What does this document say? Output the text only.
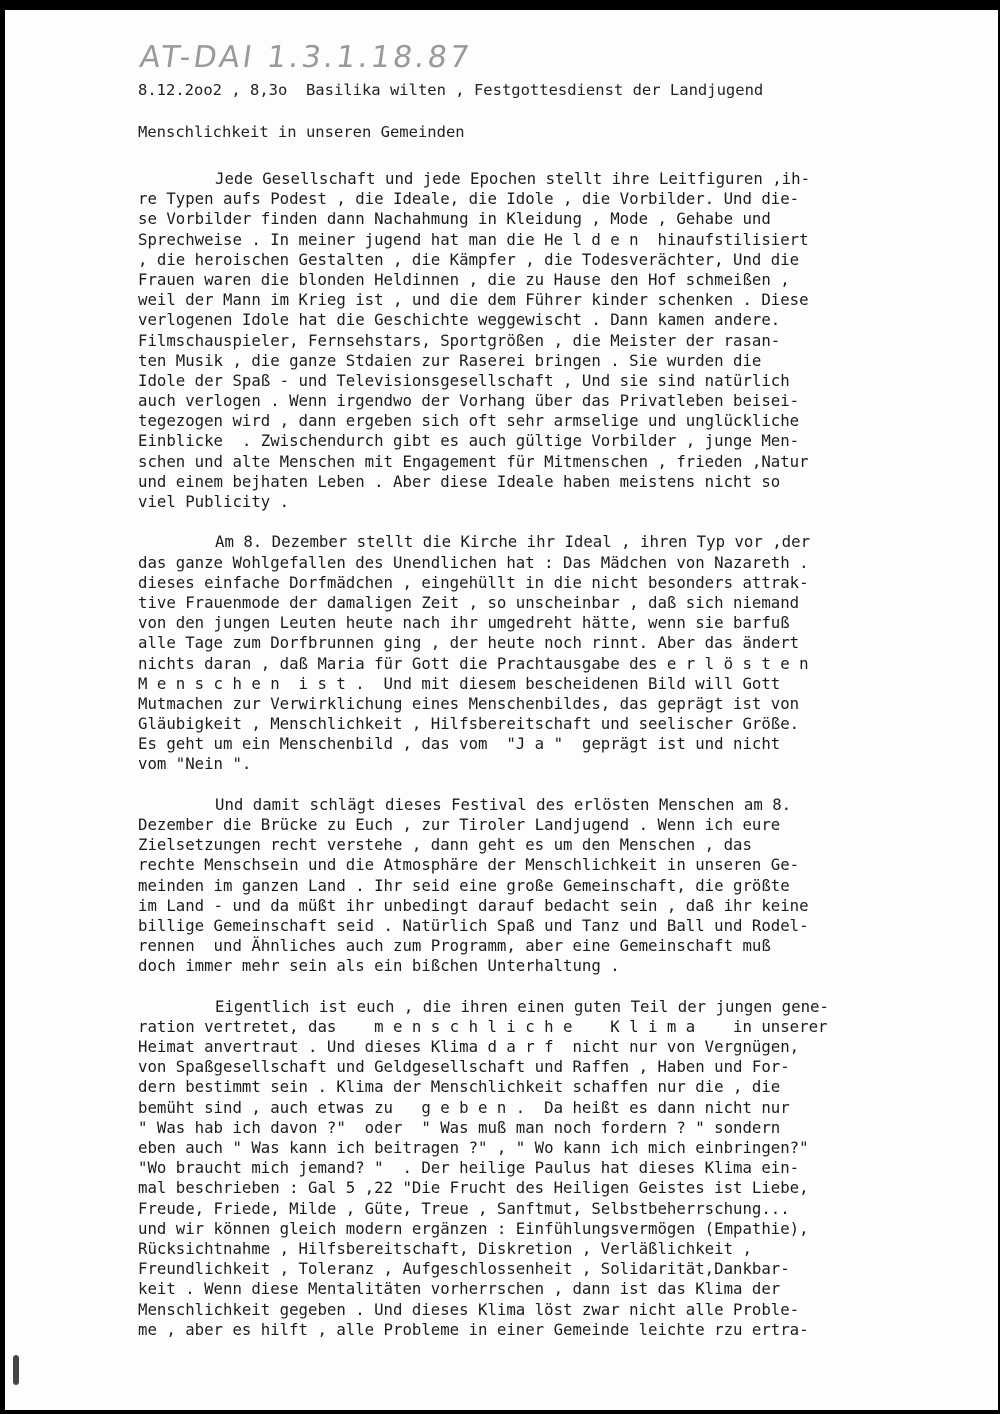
AT-DAI 1.3.1.18.87
8.12.2oo2 , 8,3o  Basilika wilten , Festgottesdienst der Landjugend
Menschlichkeit in unseren Gemeinden
Jede Gesellschaft und jede Epochen stellt ihre Leitfiguren ,ih-
re Typen aufs Podest , die Ideale, die Idole , die Vorbilder. Und die-
se Vorbilder finden dann Nachahmung in Kleidung , Mode , Gehabe und
Sprechweise . In meiner jugend hat man die He l d e n  hinaufstilisiert
, die heroischen Gestalten , die Kämpfer , die Todesverächter, Und die
Frauen waren die blonden Heldinnen , die zu Hause den Hof schmeißen ,
weil der Mann im Krieg ist , und die dem Führer kinder schenken . Diese
verlogenen Idole hat die Geschichte weggewischt . Dann kamen andere.
Filmschauspieler, Fernsehstars, Sportgrößen , die Meister der rasan-
ten Musik , die ganze Stdaien zur Raserei bringen . Sie wurden die
Idole der Spaß - und Televisionsgesellschaft , Und sie sind natürlich
auch verlogen . Wenn irgendwo der Vorhang über das Privatleben beisei-
tegezogen wird , dann ergeben sich oft sehr armselige und unglückliche
Einblicke  . Zwischendurch gibt es auch gültige Vorbilder , junge Men-
schen und alte Menschen mit Engagement für Mitmenschen , frieden ,Natur
und einem bejhaten Leben . Aber diese Ideale haben meistens nicht so
viel Publicity .
Am 8. Dezember stellt die Kirche ihr Ideal , ihren Typ vor ,der
das ganze Wohlgefallen des Unendlichen hat : Das Mädchen von Nazareth .
dieses einfache Dorfmädchen , eingehüllt in die nicht besonders attrak-
tive Frauenmode der damaligen Zeit , so unscheinbar , daß sich niemand
von den jungen Leuten heute nach ihr umgedreht hätte, wenn sie barfuß
alle Tage zum Dorfbrunnen ging , der heute noch rinnt. Aber das ändert
nichts daran , daß Maria für Gott die Prachtausgabe des e r l ö s t e n
M e n s c h e n  i s t .  Und mit diesem bescheidenen Bild will Gott
Mutmachen zur Verwirklichung eines Menschenbildes, das geprägt ist von
Gläubigkeit , Menschlichkeit , Hilfsbereitschaft und seelischer Größe.
Es geht um ein Menschenbild , das vom  "J a "  geprägt ist und nicht
vom "Nein ".
Und damit schlägt dieses Festival des erlösten Menschen am 8.
Dezember die Brücke zu Euch , zur Tiroler Landjugend . Wenn ich eure
Zielsetzungen recht verstehe , dann geht es um den Menschen , das
rechte Menschsein und die Atmosphäre der Menschlichkeit in unseren Ge-
meinden im ganzen Land . Ihr seid eine große Gemeinschaft, die größte
im Land - und da müßt ihr unbedingt darauf bedacht sein , daß ihr keine
billige Gemeinschaft seid . Natürlich Spaß und Tanz und Ball und Rodel-
rennen  und Ähnliches auch zum Programm, aber eine Gemeinschaft muß
doch immer mehr sein als ein bißchen Unterhaltung .
Eigentlich ist euch , die ihren einen guten Teil der jungen gene-
ration vertretet, das    m e n s c h l i c h e    K l i m a    in unserer
Heimat anvertraut . Und dieses Klima d a r f  nicht nur von Vergnügen,
von Spaßgesellschaft und Geldgesellschaft und Raffen , Haben und For-
dern bestimmt sein . Klima der Menschlichkeit schaffen nur die , die
bemüht sind , auch etwas zu   g e b e n .  Da heißt es dann nicht nur
" Was hab ich davon ?"  oder  " Was muß man noch fordern ? " sondern
eben auch " Was kann ich beitragen ?" , " Wo kann ich mich einbringen?"
"Wo braucht mich jemand? "  . Der heilige Paulus hat dieses Klima ein-
mal beschrieben : Gal 5 ,22 "Die Frucht des Heiligen Geistes ist Liebe,
Freude, Friede, Milde , Güte, Treue , Sanftmut, Selbstbeherrschung...
und wir können gleich modern ergänzen : Einfühlungsvermögen (Empathie),
Rücksichtnahme , Hilfsbereitschaft, Diskretion , Verläßlichkeit ,
Freundlichkeit , Toleranz , Aufgeschlossenheit , Solidarität,Dankbar-
keit . Wenn diese Mentalitäten vorherrschen , dann ist das Klima der
Menschlichkeit gegeben . Und dieses Klima löst zwar nicht alle Proble-
me , aber es hilft , alle Probleme in einer Gemeinde leichte rzu ertra-
